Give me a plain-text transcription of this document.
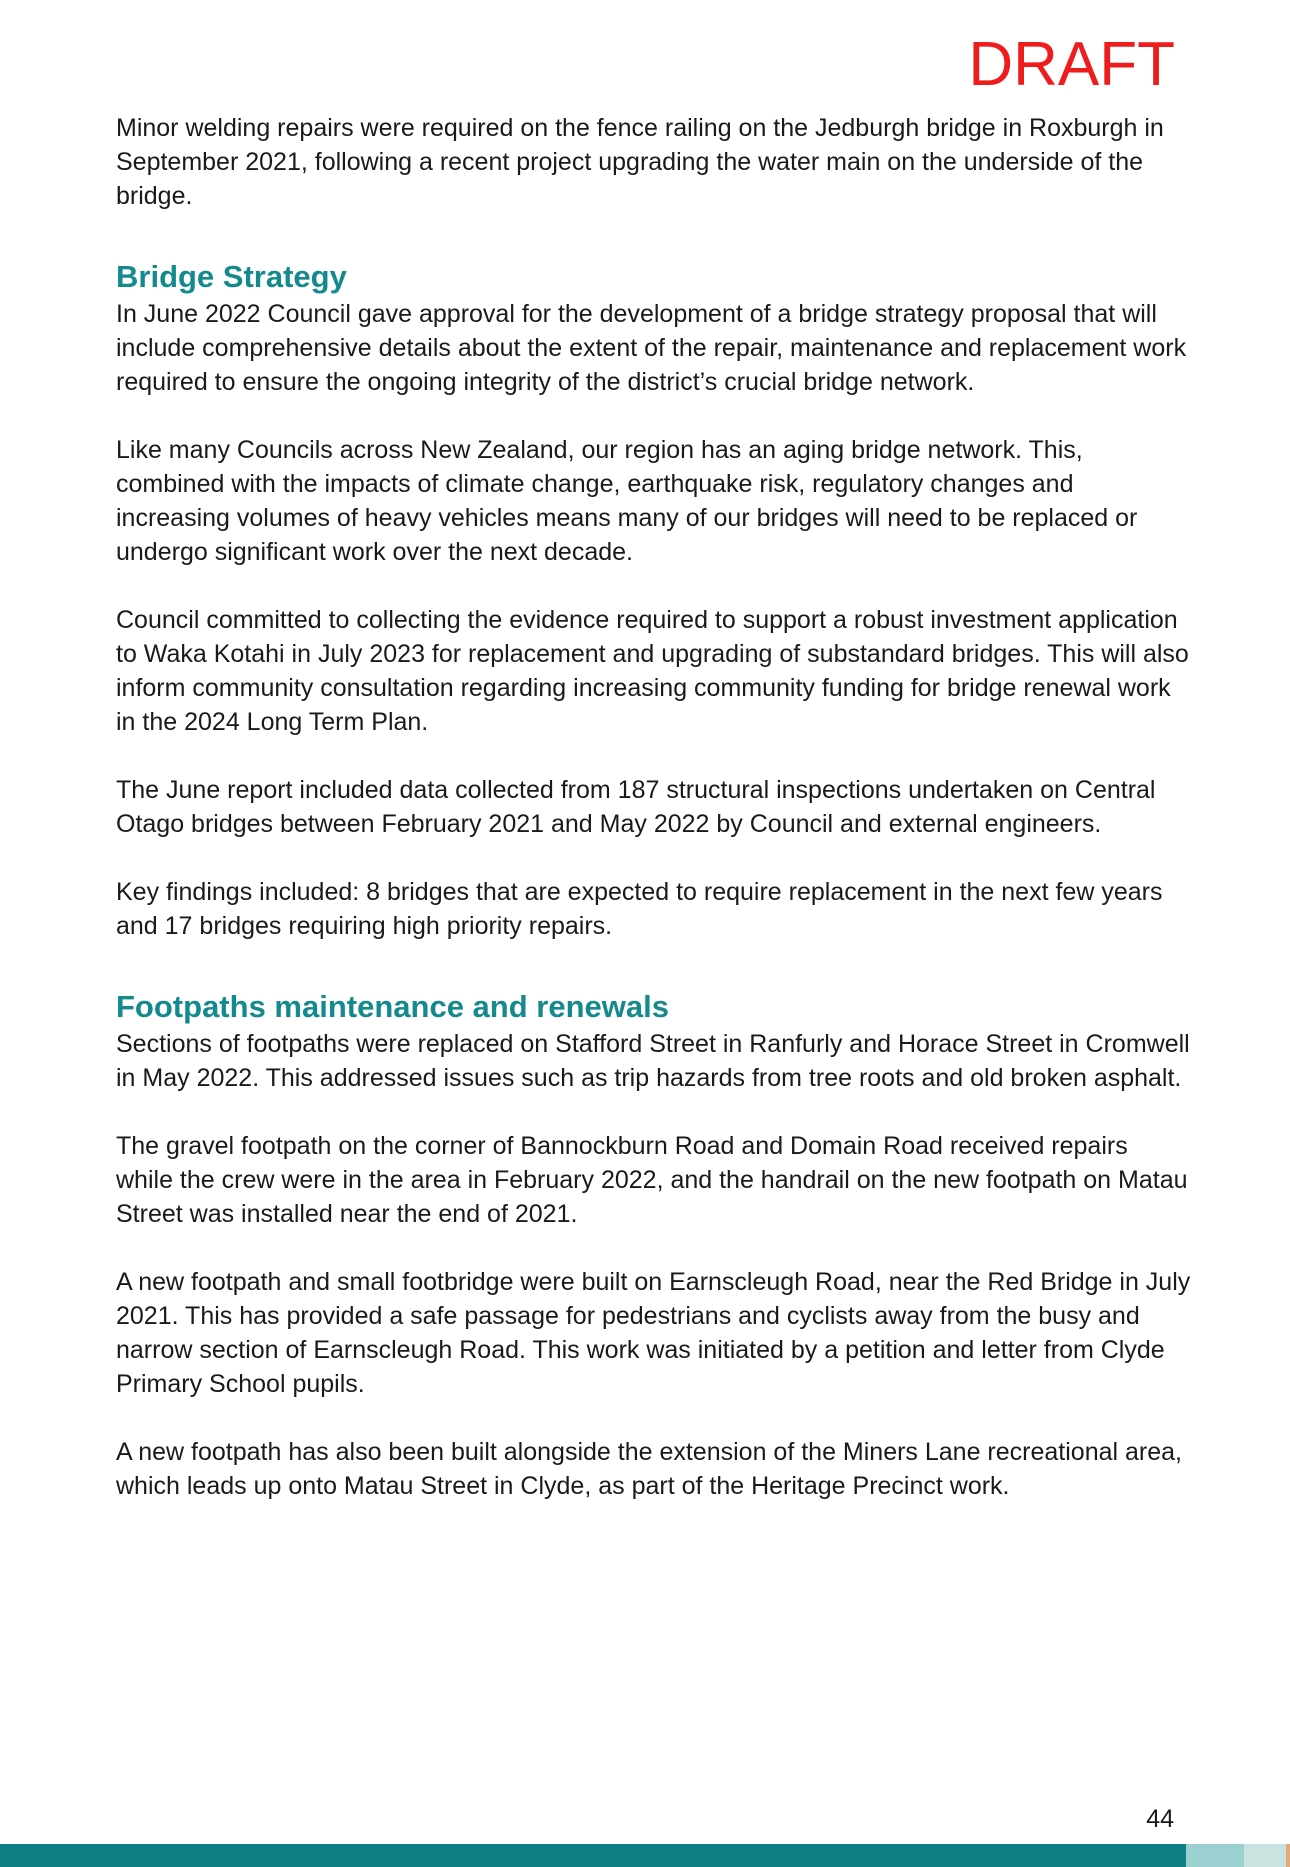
DRAFT

Minor welding repairs were required on the fence railing on the Jedburgh bridge in Roxburgh in September 2021, following a recent project upgrading the water main on the underside of the bridge.

Bridge Strategy

In June 2022 Council gave approval for the development of a bridge strategy proposal that will include comprehensive details about the extent of the repair, maintenance and replacement work required to ensure the ongoing integrity of the district’s crucial bridge network.

Like many Councils across New Zealand, our region has an aging bridge network. This, combined with the impacts of climate change, earthquake risk, regulatory changes and increasing volumes of heavy vehicles means many of our bridges will need to be replaced or undergo significant work over the next decade.

Council committed to collecting the evidence required to support a robust investment application to Waka Kotahi in July 2023 for replacement and upgrading of substandard bridges. This will also inform community consultation regarding increasing community funding for bridge renewal work in the 2024 Long Term Plan.

The June report included data collected from 187 structural inspections undertaken on Central Otago bridges between February 2021 and May 2022 by Council and external engineers.

Key findings included: 8 bridges that are expected to require replacement in the next few years and 17 bridges requiring high priority repairs.

Footpaths maintenance and renewals

Sections of footpaths were replaced on Stafford Street in Ranfurly and Horace Street in Cromwell in May 2022. This addressed issues such as trip hazards from tree roots and old broken asphalt.

The gravel footpath on the corner of Bannockburn Road and Domain Road received repairs while the crew were in the area in February 2022, and the handrail on the new footpath on Matau Street was installed near the end of 2021.

A new footpath and small footbridge were built on Earnscleugh Road, near the Red Bridge in July 2021. This has provided a safe passage for pedestrians and cyclists away from the busy and narrow section of Earnscleugh Road. This work was initiated by a petition and letter from Clyde Primary School pupils.

A new footpath has also been built alongside the extension of the Miners Lane recreational area, which leads up onto Matau Street in Clyde, as part of the Heritage Precinct work.

44
